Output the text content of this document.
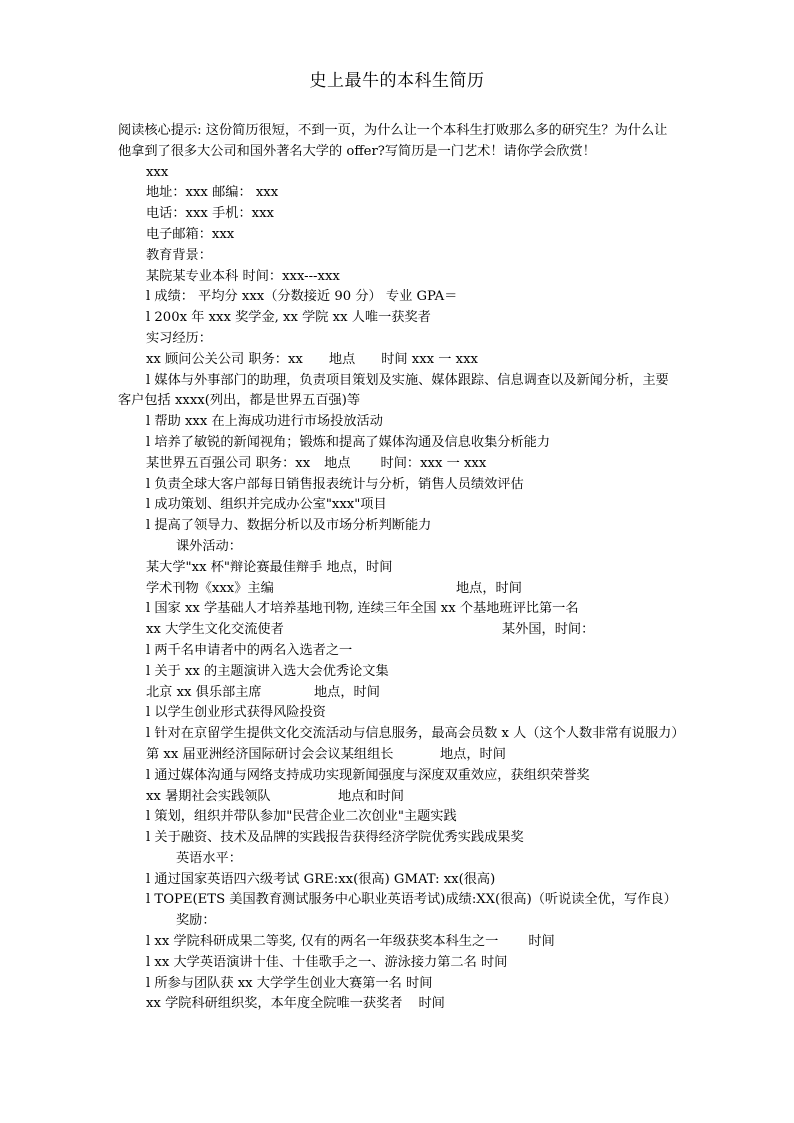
史上最牛的本科生简历
阅读核心提示: 这份简历很短，不到一页，为什么让一个本科生打败那么多的研究生？为什么让他拿到了很多大公司和国外著名大学的 offer?写简历是一门艺术！请你学会欣赏！
xxx
地址：xxx 邮编： xxx
电话：xxx 手机：xxx
电子邮箱：xxx
教育背景：
某院某专业本科 时间：xxx---xxx
l 成绩： 平均分 xxx（分数接近 90 分） 专业 GPA＝
l 200x 年 xxx 奖学金, xx 学院 xx 人唯一获奖者
实习经历：
xx 顾问公关公司 职务：xx 地点 时间 xxx 一 xxx
l 媒体与外事部门的助理，负责项目策划及实施、媒体跟踪、信息调查以及新闻分析，主要客户包括 xxxx(列出，都是世界五百强)等
l 帮助 xxx 在上海成功进行市场投放活动
l 培养了敏锐的新闻视角；锻炼和提高了媒体沟通及信息收集分析能力
某世界五百强公司 职务：xx 地点 时间：xxx 一 xxx
l 负责全球大客户部每日销售报表统计与分析，销售人员绩效评估
l 成功策划、组织并完成办公室"xxx"项目
l 提高了领导力、数据分析以及市场分析判断能力
课外活动：
某大学"xx 杯"辩论赛最佳辩手 地点，时间
学术刊物《xxx》主编	地点，时间
l 国家 xx 学基础人才培养基地刊物, 连续三年全国 xx 个基地班评比第一名
xx 大学生文化交流使者	某外国，时间：
l 两千名申请者中的两名入选者之一
l 关于 xx 的主题演讲入选大会优秀论文集
北京 xx 俱乐部主席	地点，时间
l 以学生创业形式获得风险投资
l 针对在京留学生提供文化交流活动与信息服务，最高会员数 x 人（这个人数非常有说服力）
第 xx 届亚洲经济国际研讨会会议某组组长	地点，时间
l 通过媒体沟通与网络支持成功实现新闻强度与深度双重效应，获组织荣誉奖
xx 暑期社会实践领队	地点和时间
l 策划，组织并带队参加"民营企业二次创业"主题实践
l 关于融资、技术及品牌的实践报告获得经济学院优秀实践成果奖
英语水平：
l 通过国家英语四六级考试 GRE:xx(很高) GMAT: xx(很高)
l TOPE(ETS 美国教育测试服务中心职业英语考试)成绩:XX(很高)（听说读全优，写作良）
奖励：
l xx 学院科研成果二等奖, 仅有的两名一年级获奖本科生之一 时间
l xx 大学英语演讲十佳、十佳歌手之一、游泳接力第二名 时间
l 所参与团队获 xx 大学学生创业大赛第一名 时间
xx 学院科研组织奖，本年度全院唯一获奖者 时间
